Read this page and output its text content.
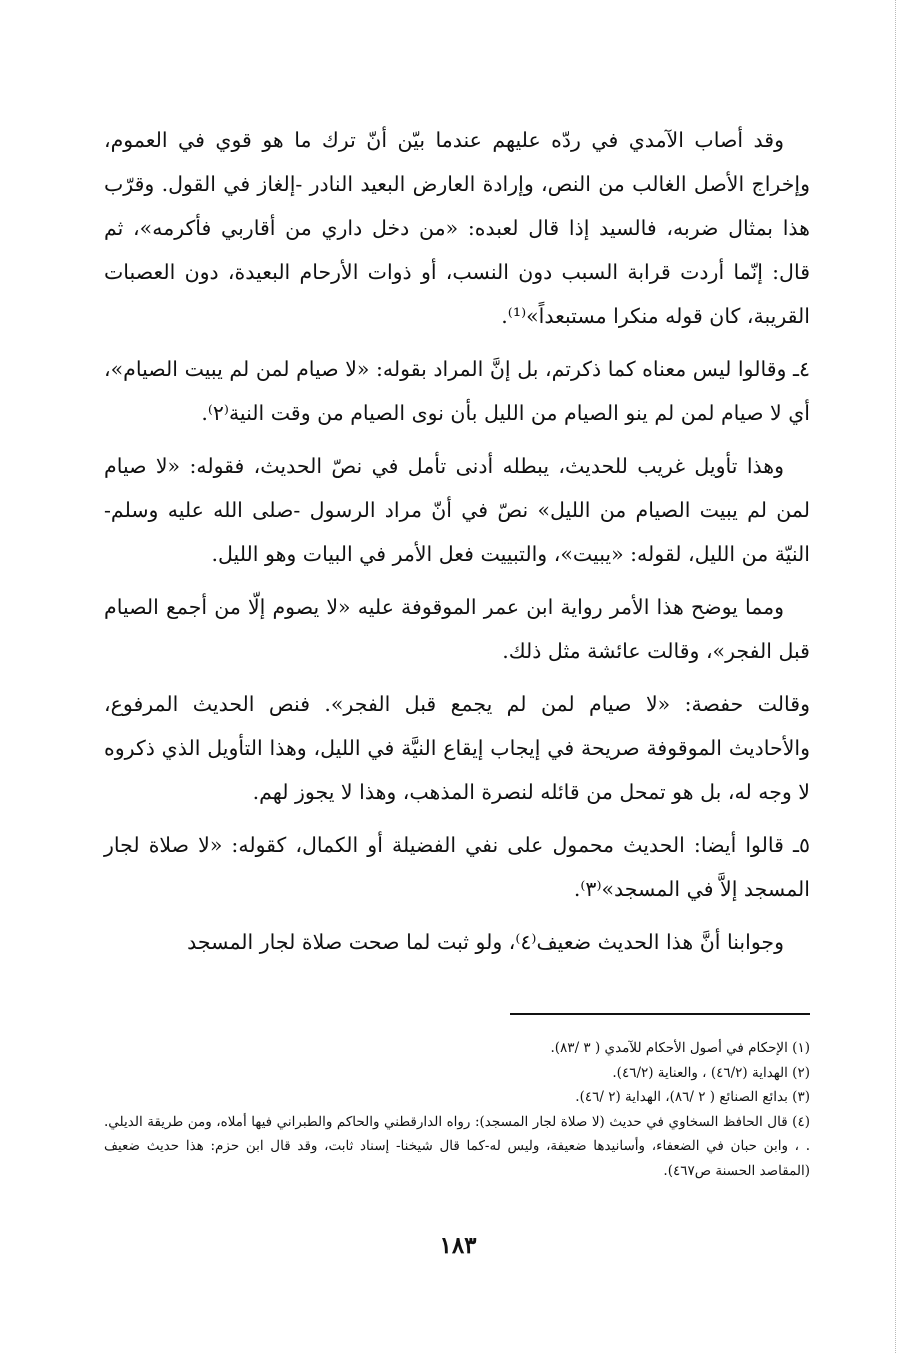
وقد أصاب الآمدي في ردّه عليهم عندما بيّن أنّ ترك ما هو قوي في العموم، وإخراج الأصل الغالب من النص، وإرادة العارض البعيد النادر -إلغاز في القول. وقرّب هذا بمثال ضربه، فالسيد إذا قال لعبده: «من دخل داري من أقاربي فأكرمه»، ثم قال: إنّما أردت قرابة السبب دون النسب، أو ذوات الأرحام البعيدة، دون العصبات القريبة، كان قوله منكرا مستبعداً»⁽¹⁾.

٤ـ وقالوا ليس معناه كما ذكرتم، بل إنَّ المراد بقوله: «لا صيام لمن لم يبيت الصيام»، أي لا صيام لمن لم ينو الصيام من الليل بأن نوى الصيام من وقت النية⁽٢⁾.

وهذا تأويل غريب للحديث، يبطله أدنى تأمل في نصّ الحديث، فقوله: «لا صيام لمن لم يبيت الصيام من الليل» نصّ في أنّ مراد الرسول -صلى الله عليه وسلم- النيّة من الليل، لقوله: «يبيت»، والتبييت فعل الأمر في البيات وهو الليل.

ومما يوضح هذا الأمر رواية ابن عمر الموقوفة عليه «لا يصوم إلّا من أجمع الصيام قبل الفجر»، وقالت عائشة مثل ذلك.

وقالت حفصة: «لا صيام لمن لم يجمع قبل الفجر». فنص الحديث المرفوع، والأحاديث الموقوفة صريحة في إيجاب إيقاع النيَّة في الليل، وهذا التأويل الذي ذكروه لا وجه له، بل هو تمحل من قائله لنصرة المذهب، وهذا لا يجوز لهم.

٥ـ قالوا أيضا: الحديث محمول على نفي الفضيلة أو الكمال، كقوله: «لا صلاة لجار المسجد إلاَّ في المسجد»⁽٣⁾.

وجوابنا أنَّ هذا الحديث ضعيف⁽٤⁾، ولو ثبت لما صحت صلاة لجار المسجد

(١) الإحكام في أصول الأحكام للآمدي ( ٣ /٨٣).

(٢) الهداية (٤٦/٢) ، والعناية (٤٦/٢).

(٣) بدائع الصنائع ( ٢ /٨٦)، الهداية (٢ /٤٦).

(٤) قال الحافظ السخاوي في حديث (لا صلاة لجار المسجد): رواه الدارقطني والحاكم والطبراني فيها أملاه، ومن طريقة الديلي. . ، وابن حبان في الضعفاء، وأسانيدها ضعيفة، وليس له-كما قال شيخنا- إسناد ثابت، وقد قال ابن حزم: هذا حديث ضعيف (المقاصد الحسنة ص٤٦٧).

١٨٣
